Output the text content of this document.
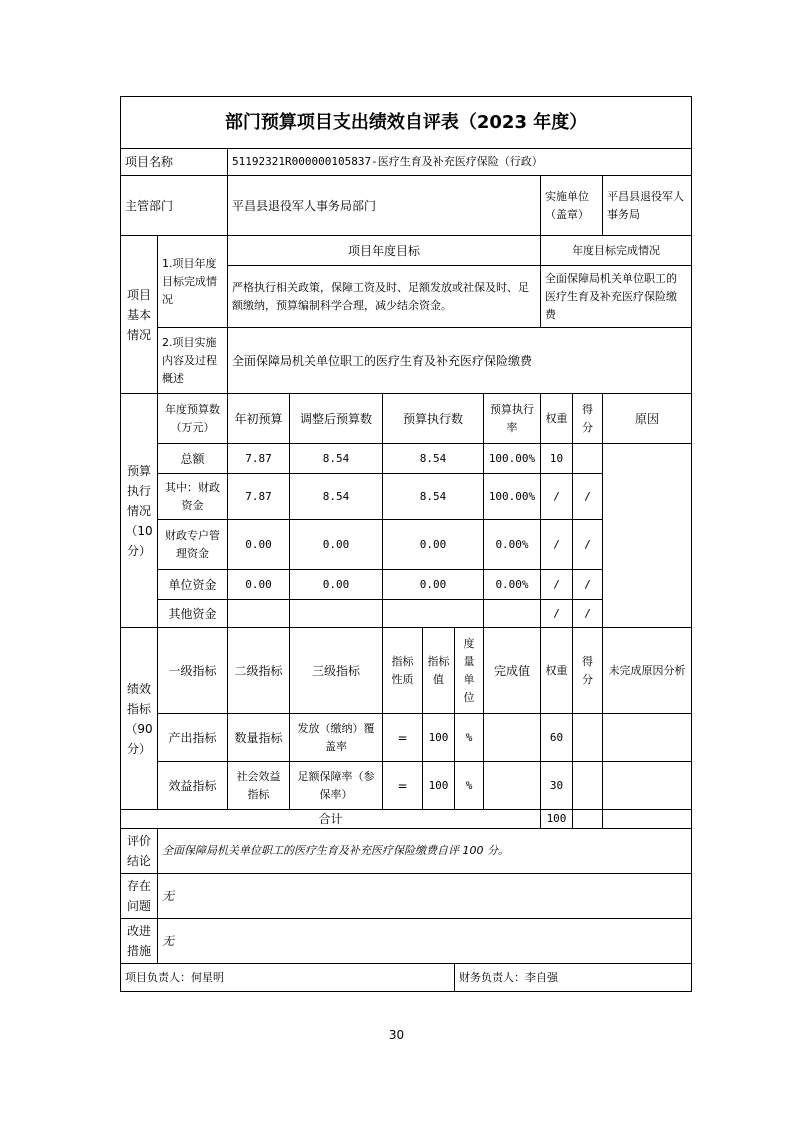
部门预算项目支出绩效自评表（2023 年度）										
项目名称		51192321R000000105837-医疗生育及补充医疗保险（行政）								
主管部门		平昌县退役军人事务局部门						实施单位（盖章）		平昌县退役军人事务局
项目基本情况	1.项目年度目标完成情况	项目年度目标						年度目标完成情况		
		严格执行相关政策，保障工资及时、足额发放或社保及时、足额缴纳，预算编制科学合理，减少结余资金。						全面保障局机关单位职工的医疗生育及补充医疗保险缴费		
	2.项目实施内容及过程概述	全面保障局机关单位职工的医疗生育及补充医疗保险缴费								
预算执行情况（10分）	年度预算数（万元）	年初预算	调整后预算数	预算执行数			预算执行率	权重	得分	原因
	总额	7.87	8.54	8.54			100.00%	10		
	其中：财政资金	7.87	8.54	8.54			100.00%	/	/	
	财政专户管理资金	0.00	0.00	0.00			0.00%	/	/	
	单位资金	0.00	0.00	0.00			0.00%	/	/	
	其他资金							/	/	
绩效指标（90分）	一级指标	二级指标	三级指标	指标性质	指标值	度量单位	完成值	权重	得分	未完成原因分析
	产出指标	数量指标	发放（缴纳）覆盖率	=	100	%		60		
	效益指标	社会效益指标	足额保障率（参保率）	=	100	%		30		
合计								100		
评价结论	全面保障局机关单位职工的医疗生育及补充医疗保险缴费自评 100 分。									
存在问题	无									
改进措施	无									
项目负责人：何星明						财务负责人：李自强				
30
